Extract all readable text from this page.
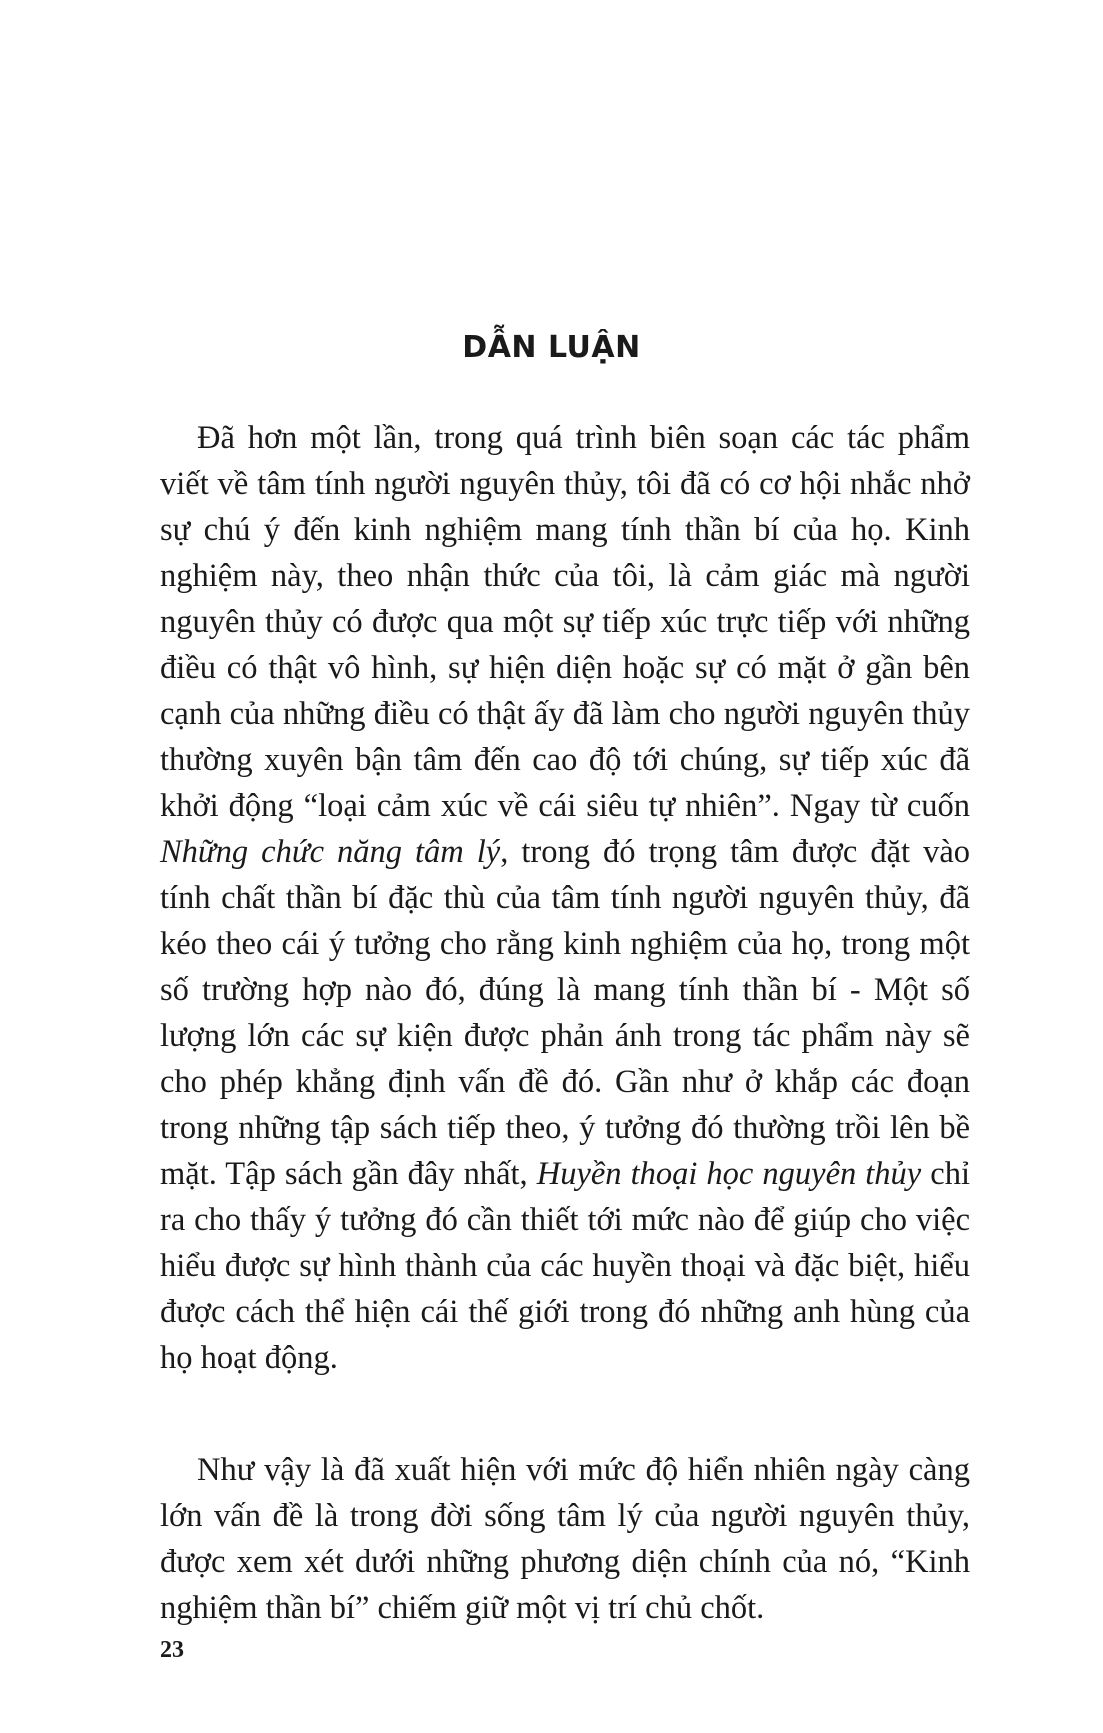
DẪN LUẬN

Đã hơn một lần, trong quá trình biên soạn các tác phẩm viết về tâm tính người nguyên thủy, tôi đã có cơ hội nhắc nhở sự chú ý đến kinh nghiệm mang tính thần bí của họ. Kinh nghiệm này, theo nhận thức của tôi, là cảm giác mà người nguyên thủy có được qua một sự tiếp xúc trực tiếp với những điều có thật vô hình, sự hiện diện hoặc sự có mặt ở gần bên cạnh của những điều có thật ấy đã làm cho người nguyên thủy thường xuyên bận tâm đến cao độ tới chúng, sự tiếp xúc đã khởi động “loại cảm xúc về cái siêu tự nhiên”. Ngay từ cuốn Những chức năng tâm lý, trong đó trọng tâm được đặt vào tính chất thần bí đặc thù của tâm tính người nguyên thủy, đã kéo theo cái ý tưởng cho rằng kinh nghiệm của họ, trong một số trường hợp nào đó, đúng là mang tính thần bí - Một số lượng lớn các sự kiện được phản ánh trong tác phẩm này sẽ cho phép khẳng định vấn đề đó. Gần như ở khắp các đoạn trong những tập sách tiếp theo, ý tưởng đó thường trồi lên bề mặt. Tập sách gần đây nhất, Huyền thoại học nguyên thủy chỉ ra cho thấy ý tưởng đó cần thiết tới mức nào để giúp cho việc hiểu được sự hình thành của các huyền thoại và đặc biệt, hiểu được cách thể hiện cái thế giới trong đó những anh hùng của họ hoạt động.

Như vậy là đã xuất hiện với mức độ hiển nhiên ngày càng lớn vấn đề là trong đời sống tâm lý của người nguyên thủy, được xem xét dưới những phương diện chính của nó, “Kinh nghiệm thần bí” chiếm giữ một vị trí chủ chốt.

23
